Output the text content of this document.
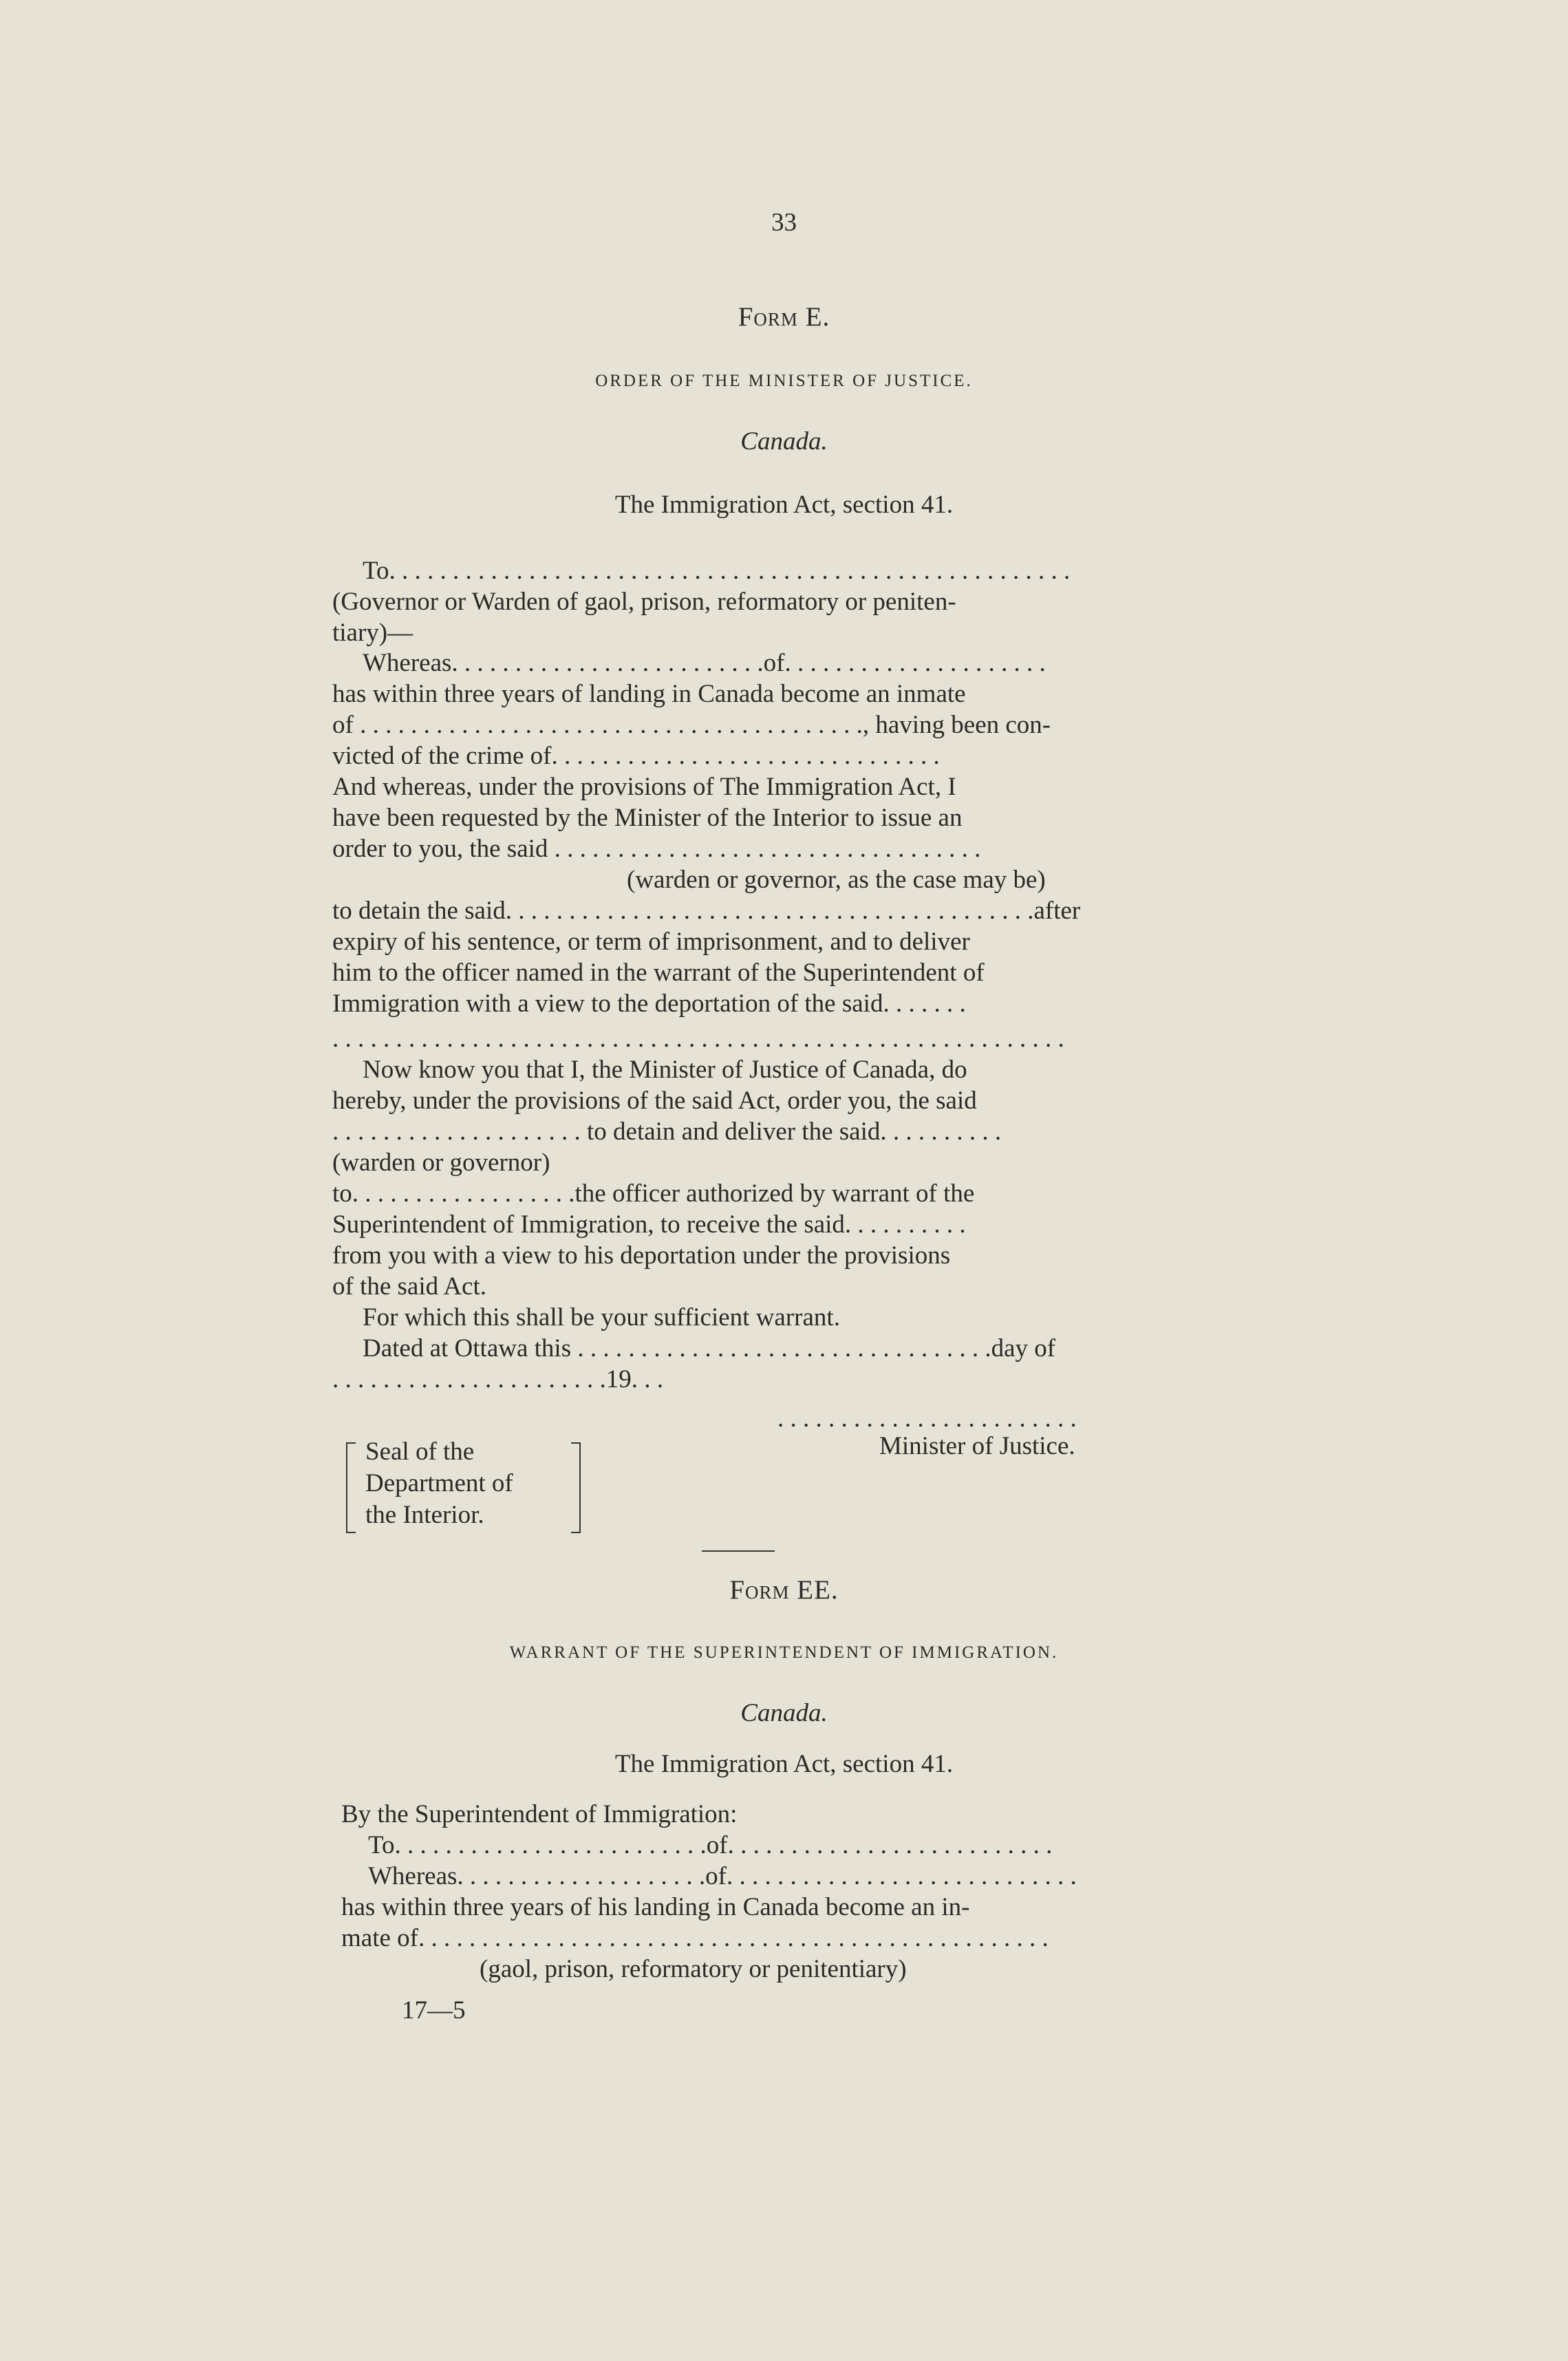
33
Form E.
ORDER OF THE MINISTER OF JUSTICE.
Canada.
The Immigration Act, section 41.
To. . . . . . . . . . . . . . . . . . . . . . . . . . . . . . . . . . . . . . . . . . . . . . . . . . . . . .
(Governor or Warden of gaol, prison, reformatory or peniten-
tiary)—
Whereas. . . . . . . . . . . . . . . . . . . . . . . . .of. . . . . . . . . . . . . . . . . . . . .
has within three years of landing in Canada become an inmate
of . . . . . . . . . . . . . . . . . . . . . . . . . . . . . . . . . . . . . . . ., having been con-
victed of the crime of. . . . . . . . . . . . . . . . . . . . . . . . . . . . . . .
And whereas, under the provisions of The Immigration Act, I
have been requested by the Minister of the Interior to issue an
order to you, the said . . . . . . . . . . . . . . . . . . . . . . . . . . . . . . . . . .
(warden or governor, as the case may be)
to detain the said. . . . . . . . . . . . . . . . . . . . . . . . . . . . . . . . . . . . . . . . . .after
expiry of his sentence, or term of imprisonment, and to deliver
him to the officer named in the warrant of the Superintendent of
Immigration with a view to the deportation of the said. . . . . . .
. . . . . . . . . . . . . . . . . . . . . . . . . . . . . . . . . . . . . . . . . . . . . . . . . . . . . . . . . .
Now know you that I, the Minister of Justice of Canada, do
hereby, under the provisions of the said Act, order you, the said
. . . . . . . . . . . . . . . . . . . . to detain and deliver the said. . . . . . . . . .
(warden or governor)
to. . . . . . . . . . . . . . . . . .the officer authorized by warrant of the
Superintendent of Immigration, to receive the said. . . . . . . . . .
from you with a view to his deportation under the provisions
of the said Act.
For which this shall be your sufficient warrant.
Dated at Ottawa this . . . . . . . . . . . . . . . . . . . . . . . . . . . . . . . . .day of
. . . . . . . . . . . . . . . . . . . . . .19. . .
. . . . . . . . . . . . . . . . . . . . . . . .
Minister of Justice.
Seal of the
Department of
the Interior.
Form EE.
WARRANT OF THE SUPERINTENDENT OF IMMIGRATION.
Canada.
The Immigration Act, section 41.
By the Superintendent of Immigration:
To. . . . . . . . . . . . . . . . . . . . . . . . .of. . . . . . . . . . . . . . . . . . . . . . . . . .
Whereas. . . . . . . . . . . . . . . . . . . .of. . . . . . . . . . . . . . . . . . . . . . . . . . . .
has within three years of his landing in Canada become an in-
mate of. . . . . . . . . . . . . . . . . . . . . . . . . . . . . . . . . . . . . . . . . . . . . . . . . .
(gaol, prison, reformatory or penitentiary)
17—5
